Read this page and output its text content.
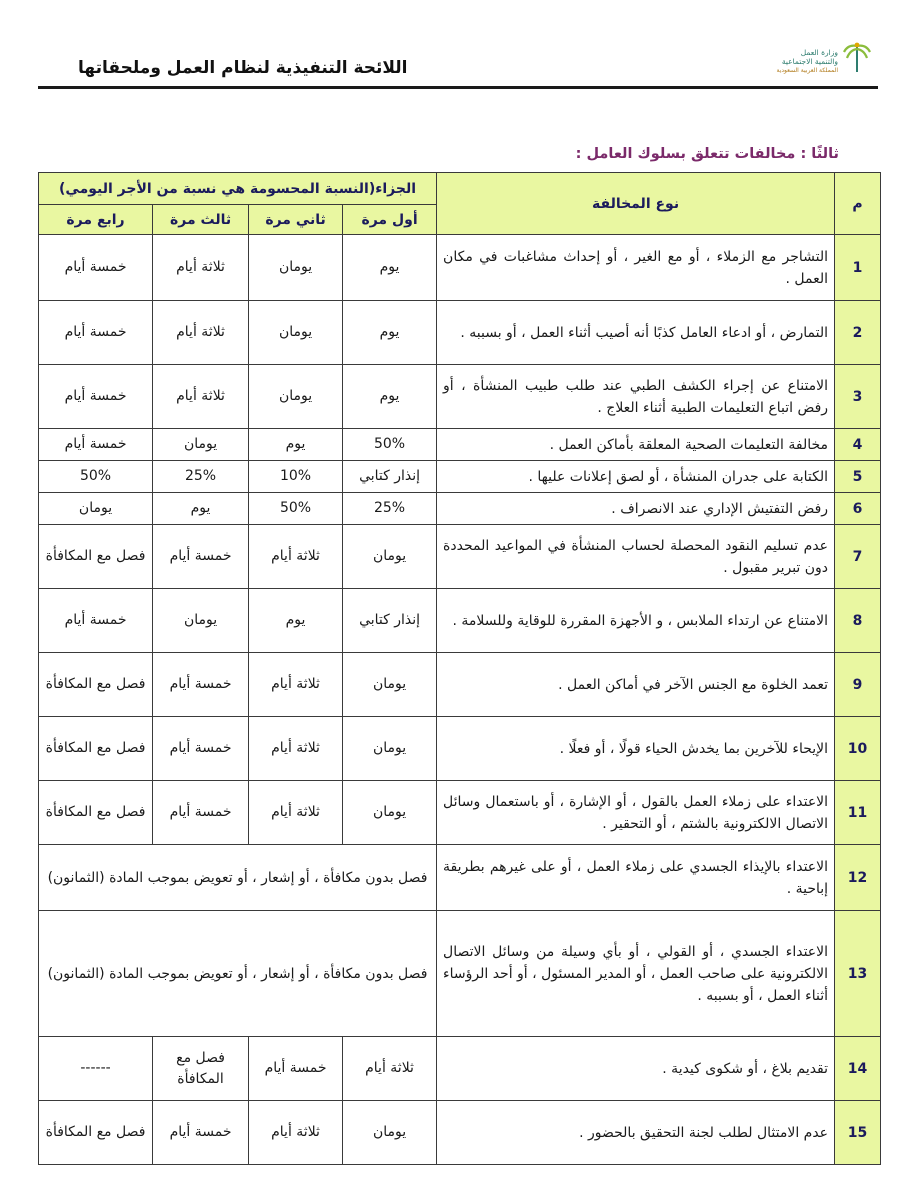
اللائحة التنفيذية لنظام العمل وملحقاتها
وزارة العمل
والتنمية الاجتماعية
المملكة العربية السعودية
ثالثًا : مخالفات تتعلق بسلوك العامل :
م	نوع المخالفة	الجزاء(النسبة المحسومة هي نسبة من الأجر اليومي)			
		أول مرة	ثاني مرة	ثالث مرة	رابع مرة
1	التشاجر مع الزملاء ، أو مع الغير ، أو إحداث مشاغبات في مكان العمل .	يوم	يومان	ثلاثة أيام	خمسة أيام
2	التمارض ، أو ادعاء العامل كذبًا أنه أصيب أثناء العمل ، أو بسببه .	يوم	يومان	ثلاثة أيام	خمسة أيام
3	الامتناع عن إجراء الكشف الطبي عند طلب طبيب المنشأة ، أو رفض اتباع التعليمات الطبية أثناء العلاج .	يوم	يومان	ثلاثة أيام	خمسة أيام
4	مخالفة التعليمات الصحية المعلقة بأماكن العمل .	50%	يوم	يومان	خمسة أيام
5	الكتابة على جدران المنشأة ، أو لصق إعلانات عليها .	إنذار كتابي	10%	25%	50%
6	رفض التفتيش الإداري عند الانصراف .	25%	50%	يوم	يومان
7	عدم تسليم النقود المحصلة لحساب المنشأة في المواعيد المحددة دون تبرير مقبول .	يومان	ثلاثة أيام	خمسة أيام	فصل مع المكافأة
8	الامتناع عن ارتداء الملابس ، و الأجهزة المقررة للوقاية وللسلامة .	إنذار كتابي	يوم	يومان	خمسة أيام
9	تعمد الخلوة مع الجنس الآخر في أماكن العمل .	يومان	ثلاثة أيام	خمسة أيام	فصل مع المكافأة
10	الإيحاء للآخرين بما يخدش الحياء قولًا ، أو فعلًا .	يومان	ثلاثة أيام	خمسة أيام	فصل مع المكافأة
11	الاعتداء على زملاء العمل بالقول ، أو الإشارة ، أو باستعمال وسائل الاتصال الالكترونية بالشتم ، أو التحقير .	يومان	ثلاثة أيام	خمسة أيام	فصل مع المكافأة
12	الاعتداء بالإيذاء الجسدي على زملاء العمل ، أو على غيرهم بطريقة إباحية .	فصل بدون مكافأة ، أو إشعار ، أو تعويض بموجب المادة (الثمانون)			
13	الاعتداء الجسدي ، أو القولي ، أو بأي وسيلة من وسائل الاتصال الالكترونية على صاحب العمل ، أو المدير المسئول ، أو أحد الرؤساء أثناء العمل ، أو بسببه .	فصل بدون مكافأة ، أو إشعار ، أو تعويض بموجب المادة (الثمانون)			
14	تقديم بلاغ ، أو شكوى كيدية .	ثلاثة أيام	خمسة أيام	فصل مع المكافأة	------
15	عدم الامتثال لطلب لجنة التحقيق بالحضور .	يومان	ثلاثة أيام	خمسة أيام	فصل مع المكافأة
